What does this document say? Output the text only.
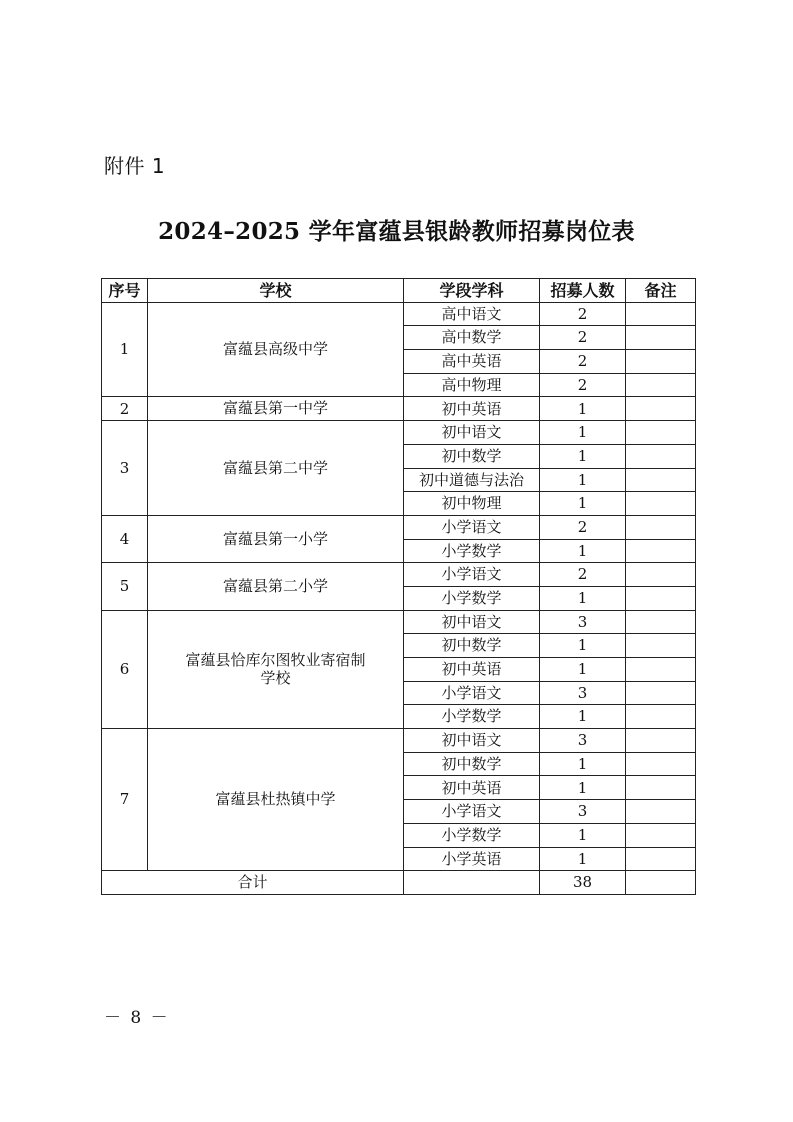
附件 1
2024–2025 学年富蕴县银龄教师招募岗位表
序号	学校	学段学科	招募人数	备注
1	富蕴县高级中学	高中语文	2	
		高中数学	2	
		高中英语	2	
		高中物理	2	
2	富蕴县第一中学	初中英语	1	
3	富蕴县第二中学	初中语文	1	
		初中数学	1	
		初中道德与法治	1	
		初中物理	1	
4	富蕴县第一小学	小学语文	2	
		小学数学	1	
5	富蕴县第二小学	小学语文	2	
		小学数学	1	
6	富蕴县恰库尔图牧业寄宿制学校	初中语文	3	
		初中数学	1	
		初中英语	1	
		小学语文	3	
		小学数学	1	
7	富蕴县杜热镇中学	初中语文	3	
		初中数学	1	
		初中英语	1	
		小学语文	3	
		小学数学	1	
		小学英语	1	
合计			38	
－ 8 －
